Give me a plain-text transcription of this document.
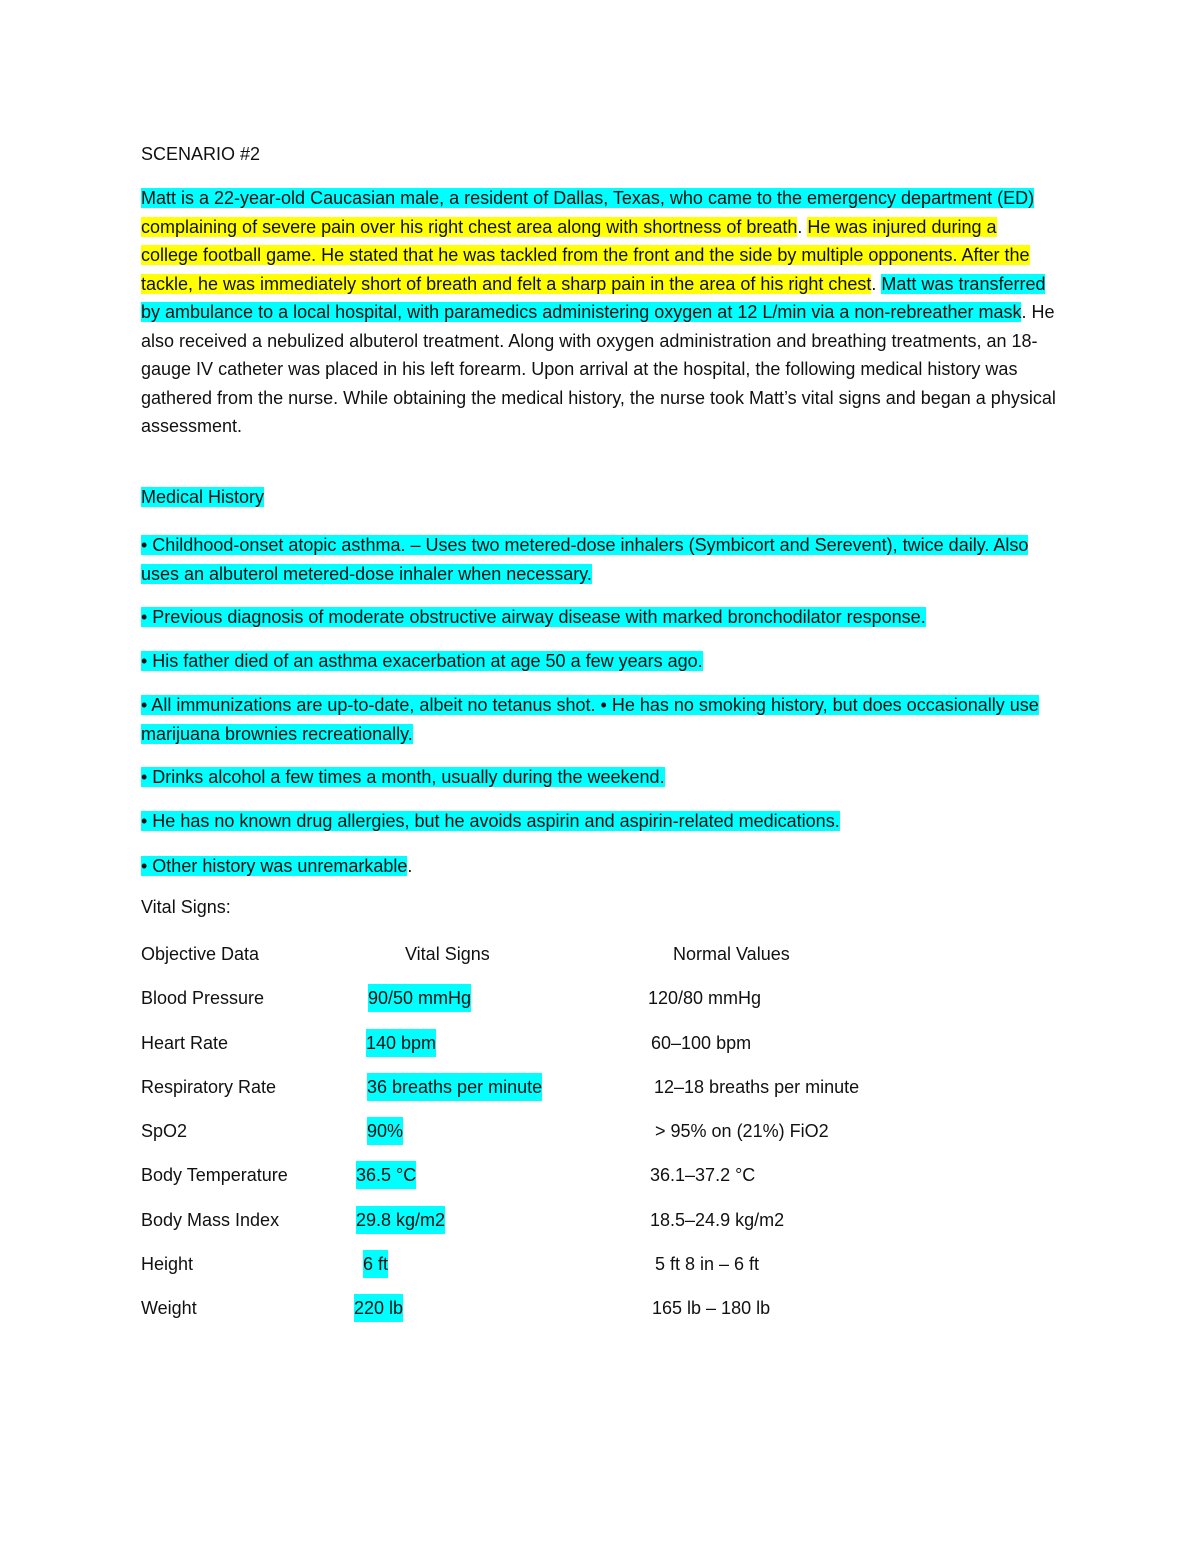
SCENARIO #2

Matt is a 22-year-old Caucasian male, a resident of Dallas, Texas, who came to the emergency department (ED) complaining of severe pain over his right chest area along with shortness of breath. He was injured during a college football game. He stated that he was tackled from the front and the side by multiple opponents. After the tackle, he was immediately short of breath and felt a sharp pain in the area of his right chest. Matt was transferred by ambulance to a local hospital, with paramedics administering oxygen at 12 L/min via a non-rebreather mask. He also received a nebulized albuterol treatment. Along with oxygen administration and breathing treatments, an 18-gauge IV catheter was placed in his left forearm. Upon arrival at the hospital, the following medical history was gathered from the nurse. While obtaining the medical history, the nurse took Matt’s vital signs and began a physical assessment.

Medical History

• Childhood-onset atopic asthma. – Uses two metered-dose inhalers (Symbicort and Serevent), twice daily. Also uses an albuterol metered-dose inhaler when necessary.

• Previous diagnosis of moderate obstructive airway disease with marked bronchodilator response.

• His father died of an asthma exacerbation at age 50 a few years ago.

• All immunizations are up-to-date, albeit no tetanus shot. • He has no smoking history, but does occasionally use marijuana brownies recreationally.

• Drinks alcohol a few times a month, usually during the weekend.

• He has no known drug allergies, but he avoids aspirin and aspirin-related medications.

• Other history was unremarkable.

Vital Signs:

Objective Data	Vital Signs	Normal Values
Blood Pressure	90/50 mmHg	120/80 mmHg
Heart Rate	140 bpm	60–100 bpm
Respiratory Rate	36 breaths per minute	12–18 breaths per minute
SpO2	90%	> 95% on (21%) FiO2
Body Temperature	36.5 °C	36.1–37.2 °C
Body Mass Index	29.8 kg/m2	18.5–24.9 kg/m2
Height	6 ft	5 ft 8 in – 6 ft
Weight	220 lb	165 lb – 180 lb
